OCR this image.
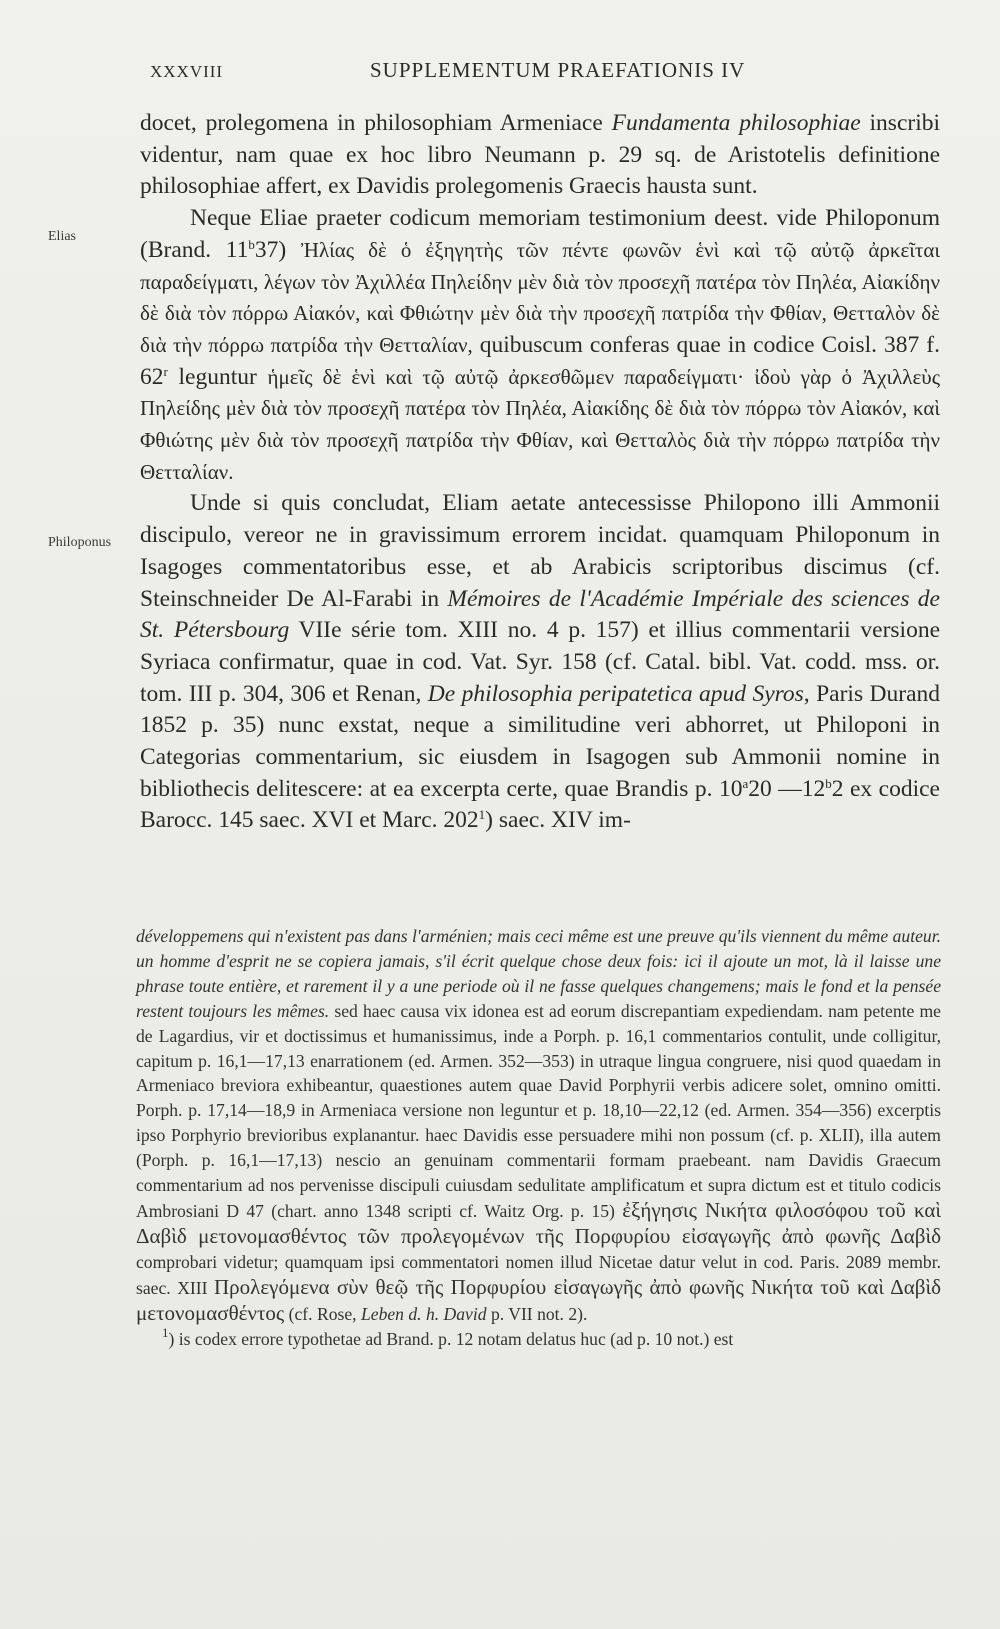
XXXVIII	SUPPLEMENTUM PRAEFATIONIS IV
Elias
Philoponus

docet, prolegomena in philosophiam Armeniace Fundamenta philosophiae inscribi videntur, nam quae ex hoc libro Neumann p. 29 sq. de Aristotelis definitione philosophiae affert, ex Davidis prolegomenis Graecis hausta sunt.

Neque Eliae praeter codicum memoriam testimonium deest. vide Philoponum (Brand. 11$^b$37) Ἠλίας δὲ ὁ ἐξηγητὴς τῶν πέντε φωνῶν ἑνὶ καὶ τῷ αὐτῷ ἀρκεῖται παραδείγματι, λέγων τὸν Ἀχιλλέα Πηλείδην μὲν διὰ τὸν προσεχῆ πατέρα τὸν Πηλέα, Αἰακίδην δὲ διὰ τὸν πόρρω Αἰακόν, καὶ Φθιώτην μὲν διὰ τὴν προσεχῆ πατρίδα τὴν Φθίαν, Θετταλὸν δὲ διὰ τὴν πόρρω πατρίδα τὴν Θετταλίαν, quibuscum conferas quae in codice Coisl. 387 f. 62$^r$ leguntur ἡμεῖς δὲ ἑνὶ καὶ τῷ αὐτῷ ἀρκεσθῶμεν παραδείγματι· ἰδοὺ γὰρ ὁ Ἀχιλλεὺς Πηλείδης μὲν διὰ τὸν προσεχῆ πατέρα τὸν Πηλέα, Αἰακίδης δὲ διὰ τὸν πόρρω τὸν Αἰακόν, καὶ Φθιώτης μὲν διὰ τὸν προσεχῆ πατρίδα τὴν Φθίαν, καὶ Θετταλὸς διὰ τὴν πόρρω πατρίδα τὴν Θετταλίαν.

Unde si quis concludat, Eliam aetate antecessisse Philopono illi Ammonii discipulo, vereor ne in gravissimum errorem incidat. quamquam Philoponum in Isagoges commentatoribus esse, et ab Arabicis scriptoribus discimus (cf. Steinschneider De Al-Farabi in Mémoires de l'Académie Impériale des sciences de St. Pétersbourg VIIe série tom. XIII no. 4 p. 157) et illius commentarii versione Syriaca confirmatur, quae in cod. Vat. Syr. 158 (cf. Catal. bibl. Vat. codd. mss. or. tom. III p. 304, 306 et Renan, De philosophia peripatetica apud Syros, Paris Durand 1852 p. 35) nunc exstat, neque a similitudine veri abhorret, ut Philoponi in Categorias commentarium, sic eiusdem in Isagogen sub Ammonii nomine in bibliothecis delitescere: at ea excerpta certe, quae Brandis p. 10$^a$20 —12$^b$2 ex codice Barocc. 145 saec. XVI et Marc. $202^1$) saec. XIV im-

développemens qui n'existent pas dans l'arménien; mais ceci même est une preuve qu'ils viennent du même auteur. un homme d'esprit ne se copiera jamais, s'il écrit quelque chose deux fois: ici il ajoute un mot, là il laisse une phrase toute entière, et rarement il y a une periode où il ne fasse quelques changemens; mais le fond et la pensée restent toujours les mêmes. sed haec causa vix idonea est ad eorum discrepantiam expediendam. nam petente me de Lagardius, vir et doctissimus et humanissimus, inde a Porph. p. 16,1 commentarios contulit, unde colligitur, capitum p. 16,1—17,13 enarrationem (ed. Armen. 352—353) in utraque lingua congruere, nisi quod quaedam in Armeniaco breviora exhibeantur, quaestiones autem quae David Porphyrii verbis adicere solet, omnino omitti. Porph. p. 17,14—18,9 in Armeniaca versione non leguntur et p. 18,10—22,12 (ed. Armen. 354—356) excerptis ipso Porphyrio brevioribus explanantur. haec Davidis esse persuadere mihi non possum (cf. p. XLII), illa autem (Porph. p. 16,1—17,13) nescio an genuinam commentarii formam praebeant. nam Davidis Graecum commentarium ad nos pervenisse discipuli cuiusdam sedulitate amplificatum et supra dictum est et titulo codicis Ambrosiani D 47 (chart. anno 1348 scripti cf. Waitz Org. p. 15) ἐξήγησις Νικήτα φιλοσόφου τοῦ καὶ Δαβὶδ μετονομασθέντος τῶν προλεγομένων τῆς Πορφυρίου εἰσαγωγῆς ἀπὸ φωνῆς Δαβὶδ comprobari videtur; quamquam ipsi commentatori nomen illud Nicetae datur velut in cod. Paris. 2089 membr. saec. XIII Προλεγόμενα σὺν θεῷ τῆς Πορφυρίου εἰσαγωγῆς ἀπὸ φωνῆς Νικήτα τοῦ καὶ Δαβὶδ μετονομασθέντος (cf. Rose, Leben d. h. David p. VII not. 2).

$^1$) is codex errore typothetae ad Brand. p. 12 notam delatus huc (ad p. 10 not.) est
